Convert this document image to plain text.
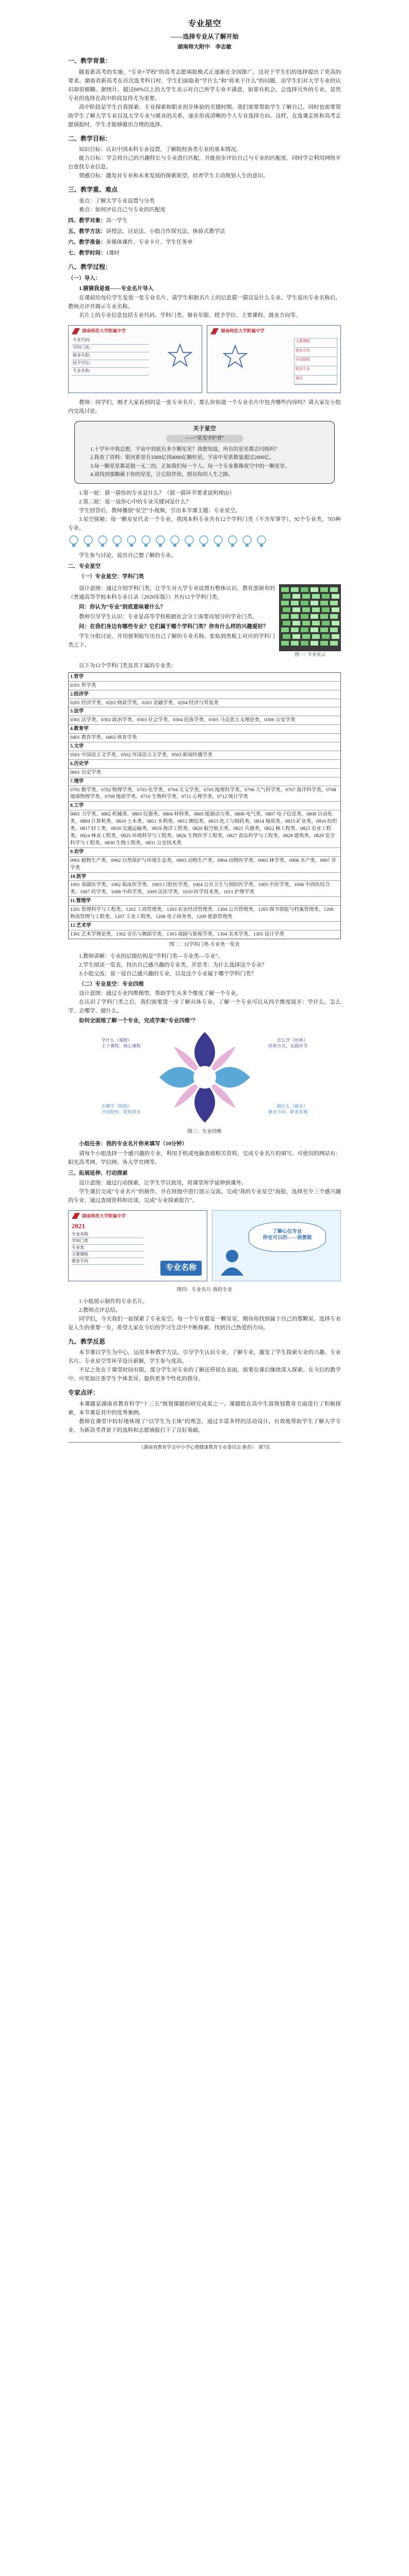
专业星空
——选择专业从了解开始
湖南师大附中　李志敏
一、教学背景：

随着新高考的实施，“专业+学校”的高考志愿填报模式正逐渐在全国推广，这对于学生们的选择提出了更高的要求。湖南省新高考在首次选考科目时，学生们面临着“学什么”和“将来干什么”的问题，而学生们对大学专业的认识却很模糊。据统计，超过60%以上的大学生表示对自己所学专业不满意，如果有机会，会选择另外的专业。显然专业的选择在高中阶段显得尤为重要。

高中阶段是学生自我探索、专业探索和职业初步体验的关键时期。我们需要帮助学生了解自己，同时也需要帮助学生了解大学专业以及大学专业与就业的关系，逐步形成清晰的个人专业选择方向。这样，在选课走班和高考志愿填报时，学生才能够做出合理的选择。

二、教学目标：

知识目标：认识中国本科专业设置，了解院校各类专业的基本情况。

能力目标：学会将自己的兴趣特长与专业进行匹配，并能初步评估自己与专业的匹配度，同时学会利用网络平台查找专业信息。

情感目标：激发对专业和未来发展的探索欲望，培养学生主动规划人生的意识。

三、教学重、难点

重点：了解大学专业设置与分类

难点：如何评估自己与专业的匹配度

四、教学对象：高一学生
五、教学方法：讲授法、讨论法、小组合作探究法、体验式教学法
六、教学准备：多媒体课件、专业卡片、学生任务单
七、教学时间：1课时
八、教学过程：
（一）导入：
1.猜猜我是谁——专业名片导入

在课前给每位学生发放一张专业名片，请学生根据名片上的信息猜一猜这是什么专业。学生说出专业名称后，教师点评并揭示专业名称。

名片上的专业信息包括专业代码、学科门类、修业年限、授予学位、主要课程、就业方向等。

湖南师范大学附属中学
专业代码：
学科门类：
修业年限：
授予学位：
专业名称：
湖南师范大学附属中学
主要课程
就业方向
开设院校
相近专业
备注

教师：同学们，刚才大家看到的是一张专业名片。那么你知道一个专业名片中包含哪些内容吗？请大家在小组内交流讨论。

关于星空
——“星光守护者”

1.十学年中我总想，宇宙中到底有多少颗星星？我想知道，所有的星星都会闪烁吗？

2.我查了资料：银河系里有1000亿到4000亿颗恒星。宇宙中星系数量超过2000亿。

3.每一颗星星都是独一无二的，正如我们每一个人。每一个专业都像夜空中的一颗星星。

4.请找到那颗属于你的星星，让它陪伴你，照亮你的人生之路。

1.第一轮：猜一猜你的专业是什么？（猜一猜环节要求说明理由）

2.第二轮：说一说你心中的专业关键词是什么？

学生回答后，教师播放“星空”小视频，引出本节课主题：专业星空。

3.星空探秘：每一颗星星代表一个专业，我国本科专业共有12个学科门类（不含军事学），92个专业类，703种专业。

学生参与讨论，说出自己想了解的专业。

二、专业星空
（一）专业星空：学科门类

设计意图：通过介绍学科门类，让学生对大学专业设置有整体认识。教育部颁布的《普通高等学校本科专业目录（2020年版）》共有12个学科门类。

问：你认为“专业”到底意味着什么？

教师引导学生认识：专业是高等学校根据社会分工需要而划分的学业门类。

问：在我们身边有哪些专业？它们属于哪个学科门类？你有什么样的兴趣爱好？

学生分组讨论，并用便利贴写出自己了解的专业名称，张贴到黑板上对应的学科门类之下。

图一：专业星云

以下为12个学科门类及其下属的专业类：

1.哲学
0101 哲学类
2.经济学
0201 经济学类、0202 财政学类、0203 金融学类、0204 经济与贸易类
3.法学
0301 法学类、0302 政治学类、0303 社会学类、0304 民族学类、0305 马克思主义理论类、0306 公安学类
4.教育学
0401 教育学类、0402 体育学类
5.文学
0501 中国语言文学类、0502 外国语言文学类、0503 新闻传播学类
6.历史学
0601 历史学类
7.理学
0701 数学类、0702 物理学类、0703 化学类、0704 天文学类、0705 地理科学类、0706 大气科学类、0707 海洋科学类、0708 地球物理学类、0709 地质学类、0710 生物科学类、0711 心理学类、0712 统计学类
8.工学
0801 力学类、0802 机械类、0803 仪器类、0804 材料类、0805 能源动力类、0806 电气类、0807 电子信息类、0808 自动化类、0809 计算机类、0810 土木类、0811 水利类、0812 测绘类、0813 化工与制药类、0814 地质类、0815 矿业类、0816 纺织类、0817 轻工类、0818 交通运输类、0819 海洋工程类、0820 航空航天类、0821 兵器类、0822 核工程类、0823 农业工程类、0824 林业工程类、0825 环境科学与工程类、0826 生物医学工程类、0827 食品科学与工程类、0828 建筑类、0829 安全科学与工程类、0830 生物工程类、0831 公安技术类
9.农学
0901 植物生产类、0902 自然保护与环境生态类、0903 动物生产类、0904 动物医学类、0905 林学类、0906 水产类、0907 草学类
10.医学
1001 基础医学类、1002 临床医学类、1003 口腔医学类、1004 公共卫生与预防医学类、1005 中医学类、1006 中西医结合类、1007 药学类、1008 中药学类、1009 法医学类、1010 医学技术类、1011 护理学类
11.管理学
1201 管理科学与工程类、1202 工商管理类、1203 农业经济管理类、1204 公共管理类、1205 图书情报与档案管理类、1206 物流管理与工程类、1207 工业工程类、1208 电子商务类、1209 旅游管理类
12.艺术学
1301 艺术学理论类、1302 音乐与舞蹈学类、1303 戏剧与影视学类、1304 美术学类、1305 设计学类
图二：12学科门类-专业类一览表

1.教师讲解：专业的层级结构是“学科门类—专业类—专业”。

2.学生阅读一览表，找出自己感兴趣的专业类，并思考：为什么选择这个专业？

3.小组交流：说一说自己感兴趣的专业，以及这个专业属于哪个学科门类？

（二）专业星空：专业四维

设计意图：通过专业四维模型，帮助学生从多个维度了解一个专业。

在认识了学科门类之后，我们需要进一步了解具体专业。了解一个专业可以从四个维度展开：学什么、怎么学、去哪学、做什么。

如何全面地了解一个专业，完成学案“专业四维”？

学什么（课程）
主干课程、核心课程
怎么学（培养）
培养方式、实践环节
去哪学（院校）
开设院校、院校排名
做什么（就业）
就业方向、职业发展
图三：专业四维

小组任务：我的专业名片你来填写（10分钟）

请每个小组选择一个感兴趣的专业，利用手机或电脑查阅相关资料，完成专业名片的填写。可使用的网站有：阳光高考网、学信网、各大学官网等。

三、拓展延伸、行动探索

设计意图：通过行动探索，让学生学以致用，将课堂所学延伸到课外。

学生课后完成“专业名片”的制作，并在班级中进行展示交流。完成“我的专业星空”海报，选择至少三个感兴趣的专业，通过查阅资料和访谈，完成“专业探索报告”。

湖南师范大学附属中学
2021
专业名称
学科门类
专业类
主要课程
就业方向
专业名称
了解心仪专业
你也可以的——我要做
图四：专业名片·我的专业

1.小组展示制作的专业名片。

2.教师点评总结。

同学们，今天我们一起探索了专业星空。每一个专业都是一颗星星，期待你找到属于自己的那颗星。选择专业是人生的重要一步，希望大家在今后的学习生活中不断探索，找到自己热爱的方向。

九、教学反思

本节课以学生为中心，运用多种教学方法，引导学生认识专业、了解专业，激发了学生探索专业的兴趣。专业名片、专业星空等环节设计新颖，学生参与度高。

不足之处在于课堂时间有限，部分学生对专业的了解还停留在表面，需要在课后继续深入探索。在今后的教学中，应更加注重学生个体差异，提供更多个性化的指导。

专家点评：

本课题是湖南省教育科学“十三五”规划课题的研究成果之一。课题组在高中生涯规划教育方面进行了积极探索，本节课是其中的优秀案例。

教师在课堂中较好地体现了“以学生为主体”的理念，通过丰富多样的活动设计，有效地帮助学生了解大学专业，为新高考背景下的选科和志愿填报打下了良好基础。

（湖南省教育学会中小学心理健康教育专业委员会 推荐）　第7页
